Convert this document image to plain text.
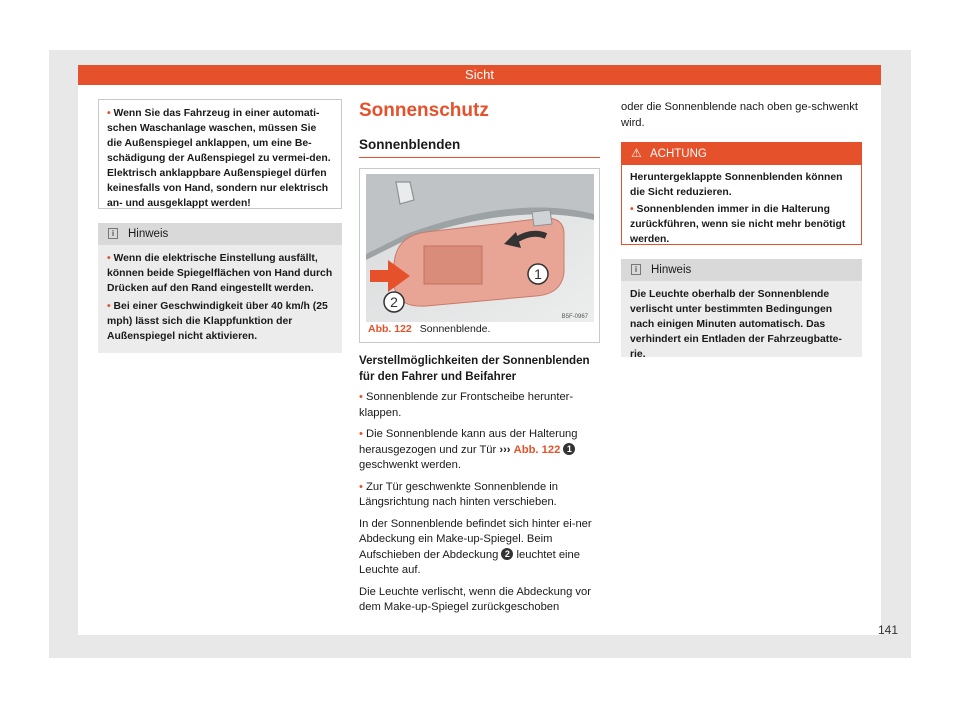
Sicht
• Wenn Sie das Fahrzeug in einer automati-schen Waschanlage waschen, müssen Sie die Außenspiegel anklappen, um eine Be-schädigung der Außenspiegel zu vermei-den. Elektrisch anklappbare Außenspiegel dürfen keinesfalls von Hand, sondern nur elektrisch an- und ausgeklappt werden!
i	Hinweis
• Wenn die elektrische Einstellung ausfällt, können beide Spiegelflächen von Hand durch Drücken auf den Rand eingestellt werden.
• Bei einer Geschwindigkeit über 40 km/h (25 mph) lässt sich die Klappfunktion der Außenspiegel nicht aktivieren.
Sonnenschutz
Sonnenblenden
1
2
B5F-0967
Abb. 122 Sonnenblende.

Verstellmöglichkeiten der Sonnenblenden für den Fahrer und Beifahrer

• Sonnenblende zur Frontscheibe herunter-klappen.

• Die Sonnenblende kann aus der Halterung herausgezogen und zur Tür ››› Abb. 122 1 geschwenkt werden.

• Zur Tür geschwenkte Sonnenblende in Längsrichtung nach hinten verschieben.

In der Sonnenblende befindet sich hinter ei-ner Abdeckung ein Make-up-Spiegel. Beim Aufschieben der Abdeckung 2 leuchtet eine Leuchte auf.

Die Leuchte verlischt, wenn die Abdeckung vor dem Make-up-Spiegel zurückgeschoben

oder die Sonnenblende nach oben ge-schwenkt wird.
⚠ ACHTUNG
Heruntergeklappte Sonnenblenden können die Sicht reduzieren.
• Sonnenblenden immer in die Halterung zurückführen, wenn sie nicht mehr benötigt werden.
i	Hinweis
Die Leuchte oberhalb der Sonnenblende verlischt unter bestimmten Bedingungen nach einigen Minuten automatisch. Das verhindert ein Entladen der Fahrzeugbatte-rie.
141
